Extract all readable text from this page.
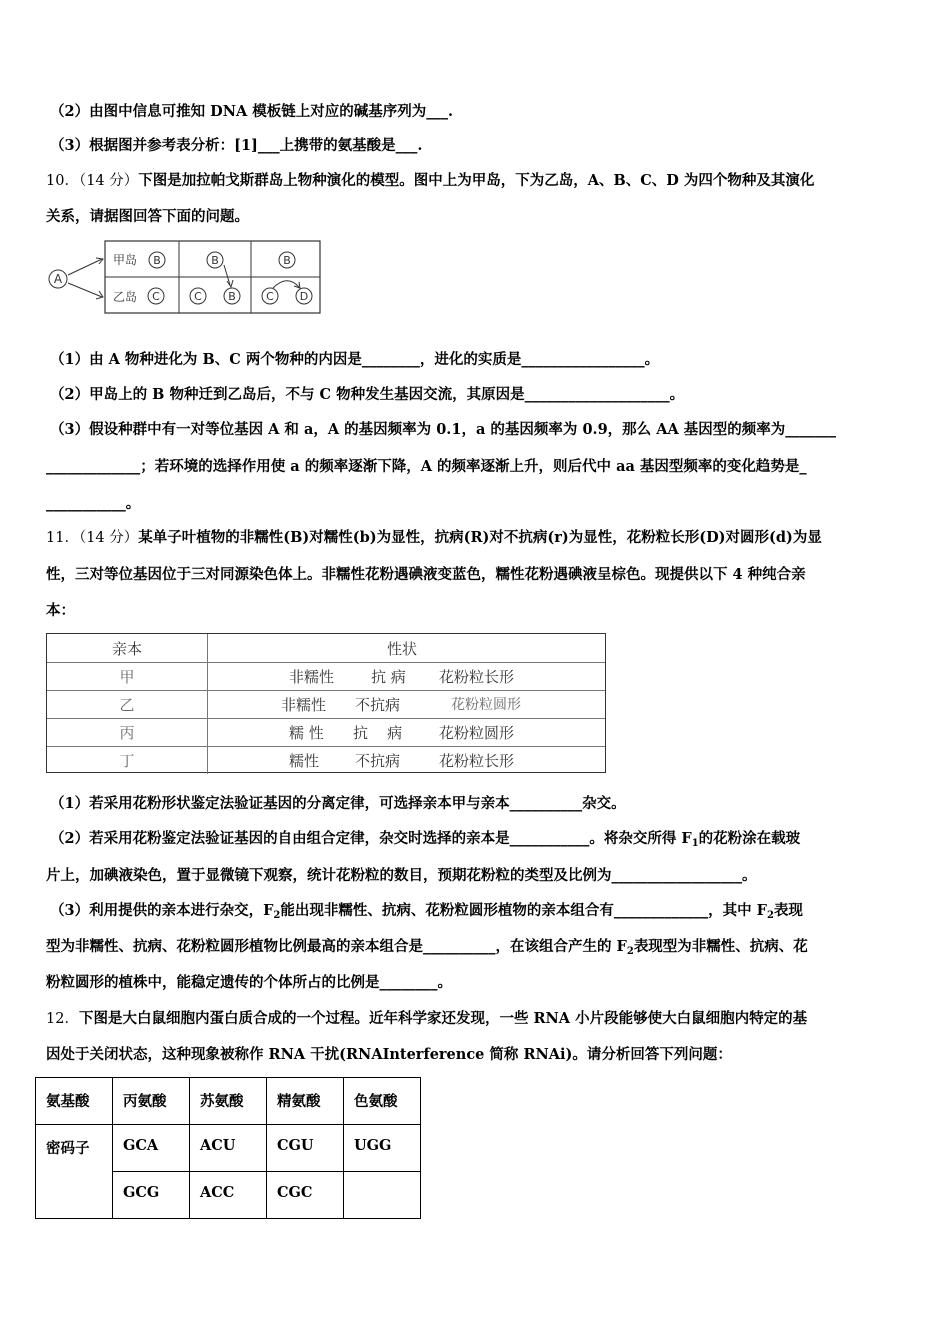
（2）由图中信息可推知 DNA 模板链上对应的碱基序列为___.
（3）根据图并参考表分析：[1]___上携带的氨基酸是___.
10．（14 分）下图是加拉帕戈斯群岛上物种演化的模型。图中上为甲岛，下为乙岛，A、B、C、D 为四个物种及其演化
关系，请据图回答下面的问题。
A
甲岛 B	B	B
乙岛 C	C B	C D
（1）由 A 物种进化为 B、C 两个物种的内因是________，进化的实质是_________________。
（2）甲岛上的 B 物种迁到乙岛后，不与 C 物种发生基因交流，其原因是____________________。
（3）假设种群中有一对等位基因 A 和 a，A 的基因频率为 0.1，a 的基因频率为 0.9，那么 AA 基因型的频率为_______
_____________；若环境的选择作用使 a 的频率逐渐下降，A 的频率逐渐上升，则后代中 aa 基因型频率的变化趋势是_
___________。
11．（14 分）某单子叶植物的非糯性(B)对糯性(b)为显性，抗病(R)对不抗病(r)为显性，花粉粒长形(D)对圆形(d)为显
性，三对等位基因位于三对同源染色体上。非糯性花粉遇碘液变蓝色，糯性花粉遇碘液呈棕色。现提供以下 4 种纯合亲
本：
亲本	性状
甲	非糯性 抗 病 花粉粒长形
乙	非糯性 不抗病	花粉粒圆形
丙	糯 性 抗    病 花粉粒圆形
丁	糯性 不抗病	花粉粒长形
（1）若采用花粉形状鉴定法验证基因的分离定律，可选择亲本甲与亲本__________杂交。
（2）若采用花粉鉴定法验证基因的自由组合定律，杂交时选择的亲本是___________。将杂交所得 $F_1$的花粉涂在载玻
片上，加碘液染色，置于显微镜下观察，统计花粉粒的数目，预期花粉粒的类型及比例为__________________。
（3）利用提供的亲本进行杂交，$F_2$能出现非糯性、抗病、花粉粒圆形植物的亲本组合有_____________，其中 $F_2$表现
型为非糯性、抗病、花粉粒圆形植物比例最高的亲本组合是__________，在该组合产生的 $F_2$表现型为非糯性、抗病、花
粉粒圆形的植株中，能稳定遗传的个体所占的比例是________。
12．下图是大白鼠细胞内蛋白质合成的一个过程。近年科学家还发现，一些 RNA 小片段能够使大白鼠细胞内特定的基
因处于关闭状态，这种现象被称作 RNA 干扰(RNAInterference 简称 RNAi)。请分析回答下列问题：
氨基酸	丙氨酸	苏氨酸	精氨酸	色氨酸
密码子	GCA	ACU	CGU	UGG
	GCG	ACC	CGC	
